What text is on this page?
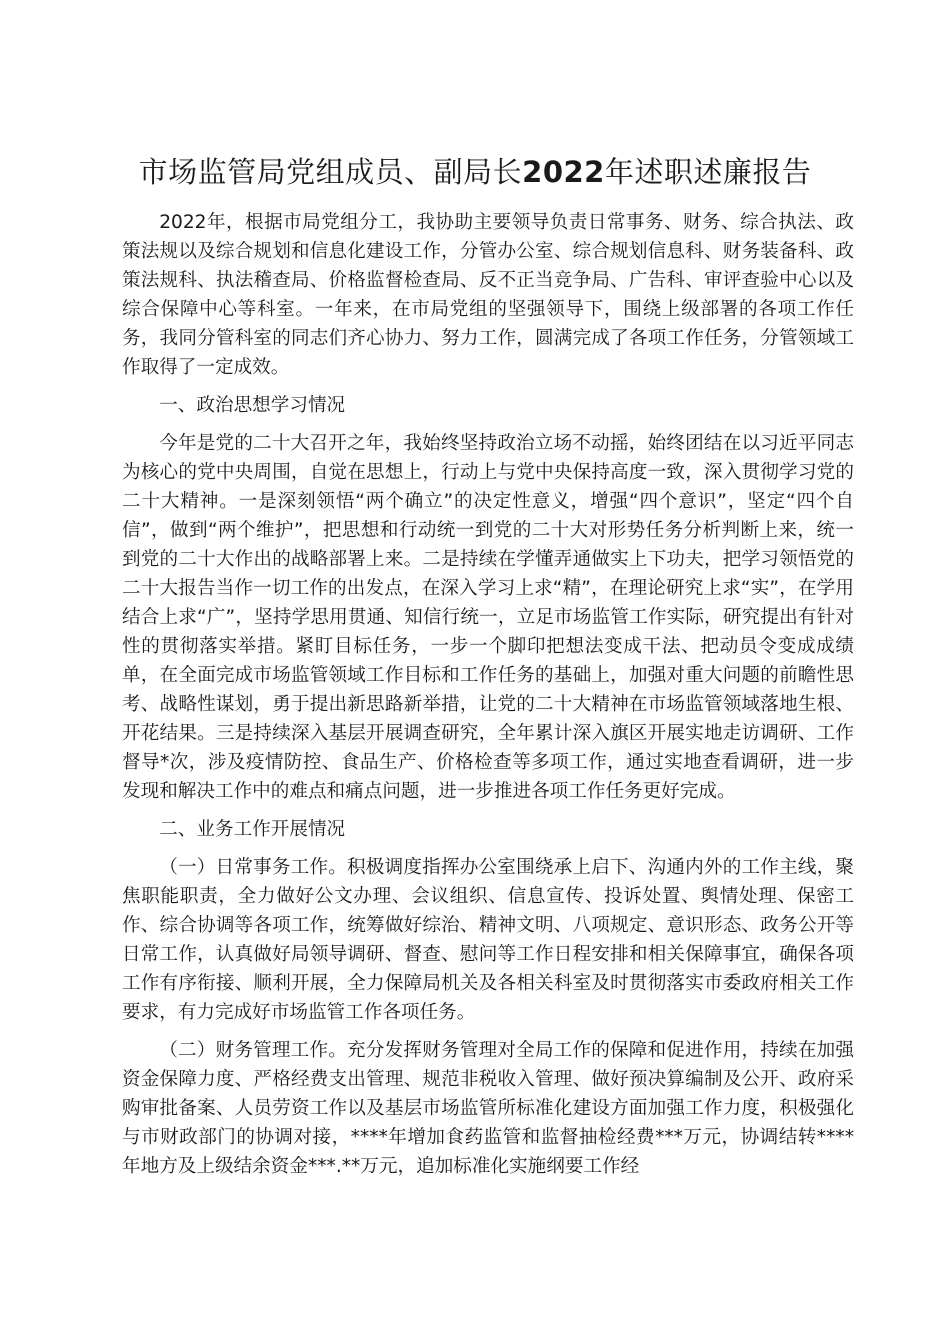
市场监管局党组成员、副局长2022年述职述廉报告

2022年，根据市局党组分工，我协助主要领导负责日常事务、财务、综合执法、政策法规以及综合规划和信息化建设工作，分管办公室、综合规划信息科、财务装备科、政策法规科、执法稽查局、价格监督检查局、反不正当竞争局、广告科、审评查验中心以及综合保障中心等科室。一年来，在市局党组的坚强领导下，围绕上级部署的各项工作任务，我同分管科室的同志们齐心协力、努力工作，圆满完成了各项工作任务，分管领域工作取得了一定成效。

一、政治思想学习情况

今年是党的二十大召开之年，我始终坚持政治立场不动摇，始终团结在以习近平同志为核心的党中央周围，自觉在思想上，行动上与党中央保持高度一致，深入贯彻学习党的二十大精神。一是深刻领悟“两个确立”的决定性意义，增强“四个意识”，坚定“四个自信”，做到“两个维护”，把思想和行动统一到党的二十大对形势任务分析判断上来，统一到党的二十大作出的战略部署上来。二是持续在学懂弄通做实上下功夫，把学习领悟党的二十大报告当作一切工作的出发点，在深入学习上求“精”，在理论研究上求“实”，在学用结合上求“广”，坚持学思用贯通、知信行统一，立足市场监管工作实际，研究提出有针对性的贯彻落实举措。紧盯目标任务，一步一个脚印把想法变成干法、把动员令变成成绩单，在全面完成市场监管领域工作目标和工作任务的基础上，加强对重大问题的前瞻性思考、战略性谋划，勇于提出新思路新举措，让党的二十大精神在市场监管领域落地生根、开花结果。三是持续深入基层开展调查研究，全年累计深入旗区开展实地走访调研、工作督导*次，涉及疫情防控、食品生产、价格检查等多项工作，通过实地查看调研，进一步发现和解决工作中的难点和痛点问题，进一步推进各项工作任务更好完成。

二、业务工作开展情况

（一）日常事务工作。积极调度指挥办公室围绕承上启下、沟通内外的工作主线，聚焦职能职责，全力做好公文办理、会议组织、信息宣传、投诉处置、舆情处理、保密工作、综合协调等各项工作，统筹做好综治、精神文明、八项规定、意识形态、政务公开等日常工作，认真做好局领导调研、督查、慰问等工作日程安排和相关保障事宜，确保各项工作有序衔接、顺利开展，全力保障局机关及各相关科室及时贯彻落实市委政府相关工作要求，有力完成好市场监管工作各项任务。

（二）财务管理工作。充分发挥财务管理对全局工作的保障和促进作用，持续在加强资金保障力度、严格经费支出管理、规范非税收入管理、做好预决算编制及公开、政府采购审批备案、人员劳资工作以及基层市场监管所标准化建设方面加强工作力度，积极强化与市财政部门的协调对接，****年增加食药监管和监督抽检经费***万元，协调结转****年地方及上级结余资金***.**万元，追加标准化实施纲要工作经
